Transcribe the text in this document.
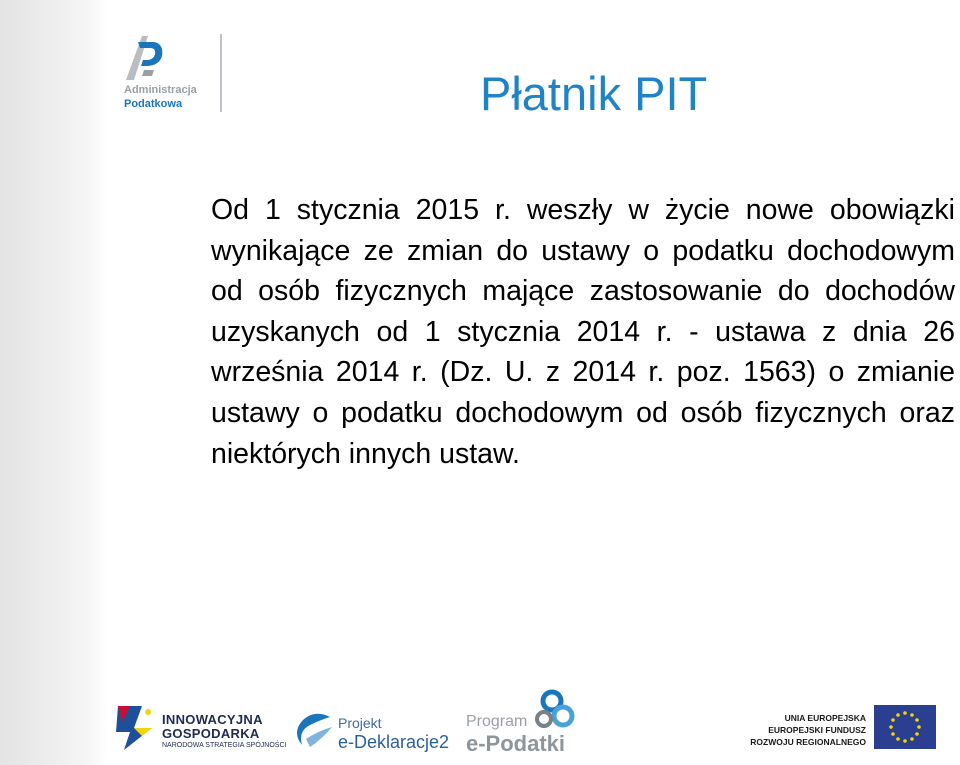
Administracja
Podatkowa	Płatnik PIT

Od 1 stycznia 2015 r. weszły w życie nowe obowiązki wynikające ze zmian do ustawy o podatku dochodowym od osób fizycznych mające zastosowanie do dochodów uzyskanych od 1 stycznia 2014 r. - ustawa z dnia 26 września 2014 r. (Dz. U. z 2014 r. poz. 1563) o zmianie ustawy o podatku dochodowym od osób fizycznych oraz niektórych innych ustaw.

INNOWACYJNA
GOSPODARKA
NARODOWA STRATEGIA SPÓJNOŚCI
Projekt
e-Deklaracje2
Program
e-Podatki
UNIA EUROPEJSKA
EUROPEJSKI FUNDUSZ
ROZWOJU REGIONALNEGO
